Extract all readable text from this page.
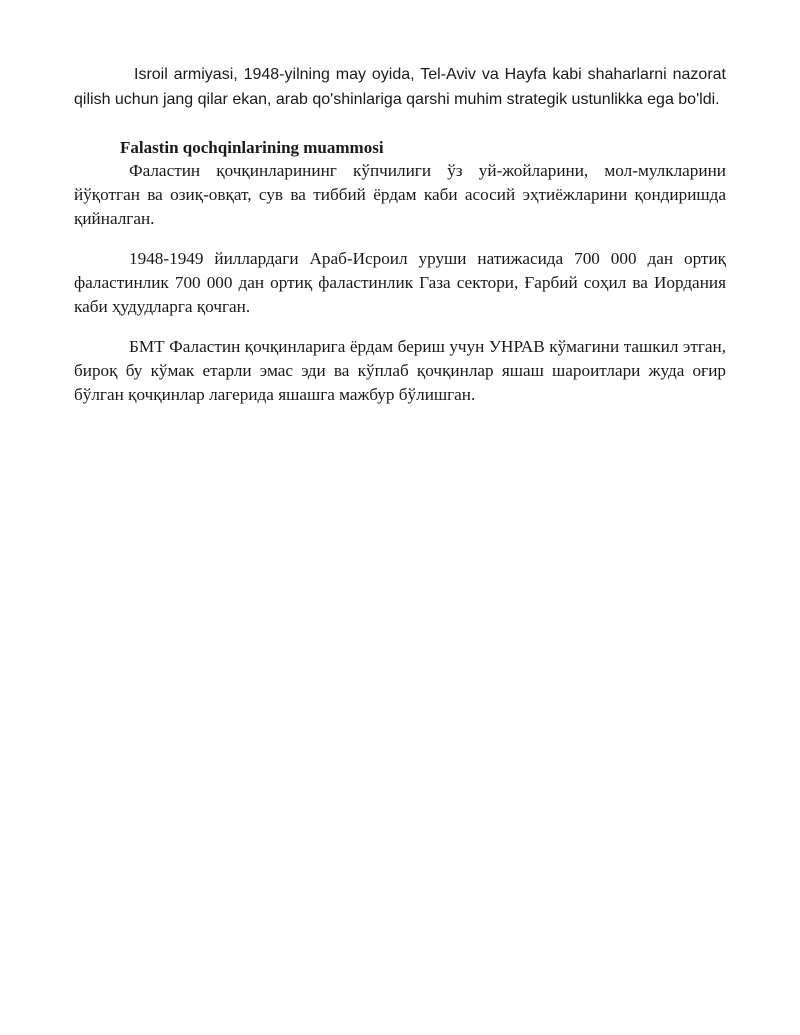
Isroil armiyasi, 1948-yilning may oyida, Tel-Aviv va Hayfa kabi shaharlarni nazorat qilish uchun jang qilar ekan, arab qo'shinlariga qarshi muhim strategik ustunlikka ega bo'ldi.

Falastin qochqinlarining muammosi

Фаластин қочқинларининг кўпчилиги ўз уй-жойларини, мол-мулкларини йўқотган ва озиқ-овқат, сув ва тиббий ёрдам каби асосий эҳтиёжларини қондиришда қийналган.

1948-1949 йиллардаги Араб-Исроил уруши натижасида 700 000 дан ортиқ фаластинлик 700 000 дан ортиқ фаластинлик Газа сектори, Ғарбий соҳил ва Иордания каби ҳудудларга қочган.

БМТ Фаластин қочқинларига ёрдам бериш учун УНРАВ кўмагини ташкил этган, бироқ бу кўмак етарли эмас эди ва кўплаб қочқинлар яшаш шароитлари жуда оғир бўлган қочқинлар лагерида яшашга мажбур бўлишган.
